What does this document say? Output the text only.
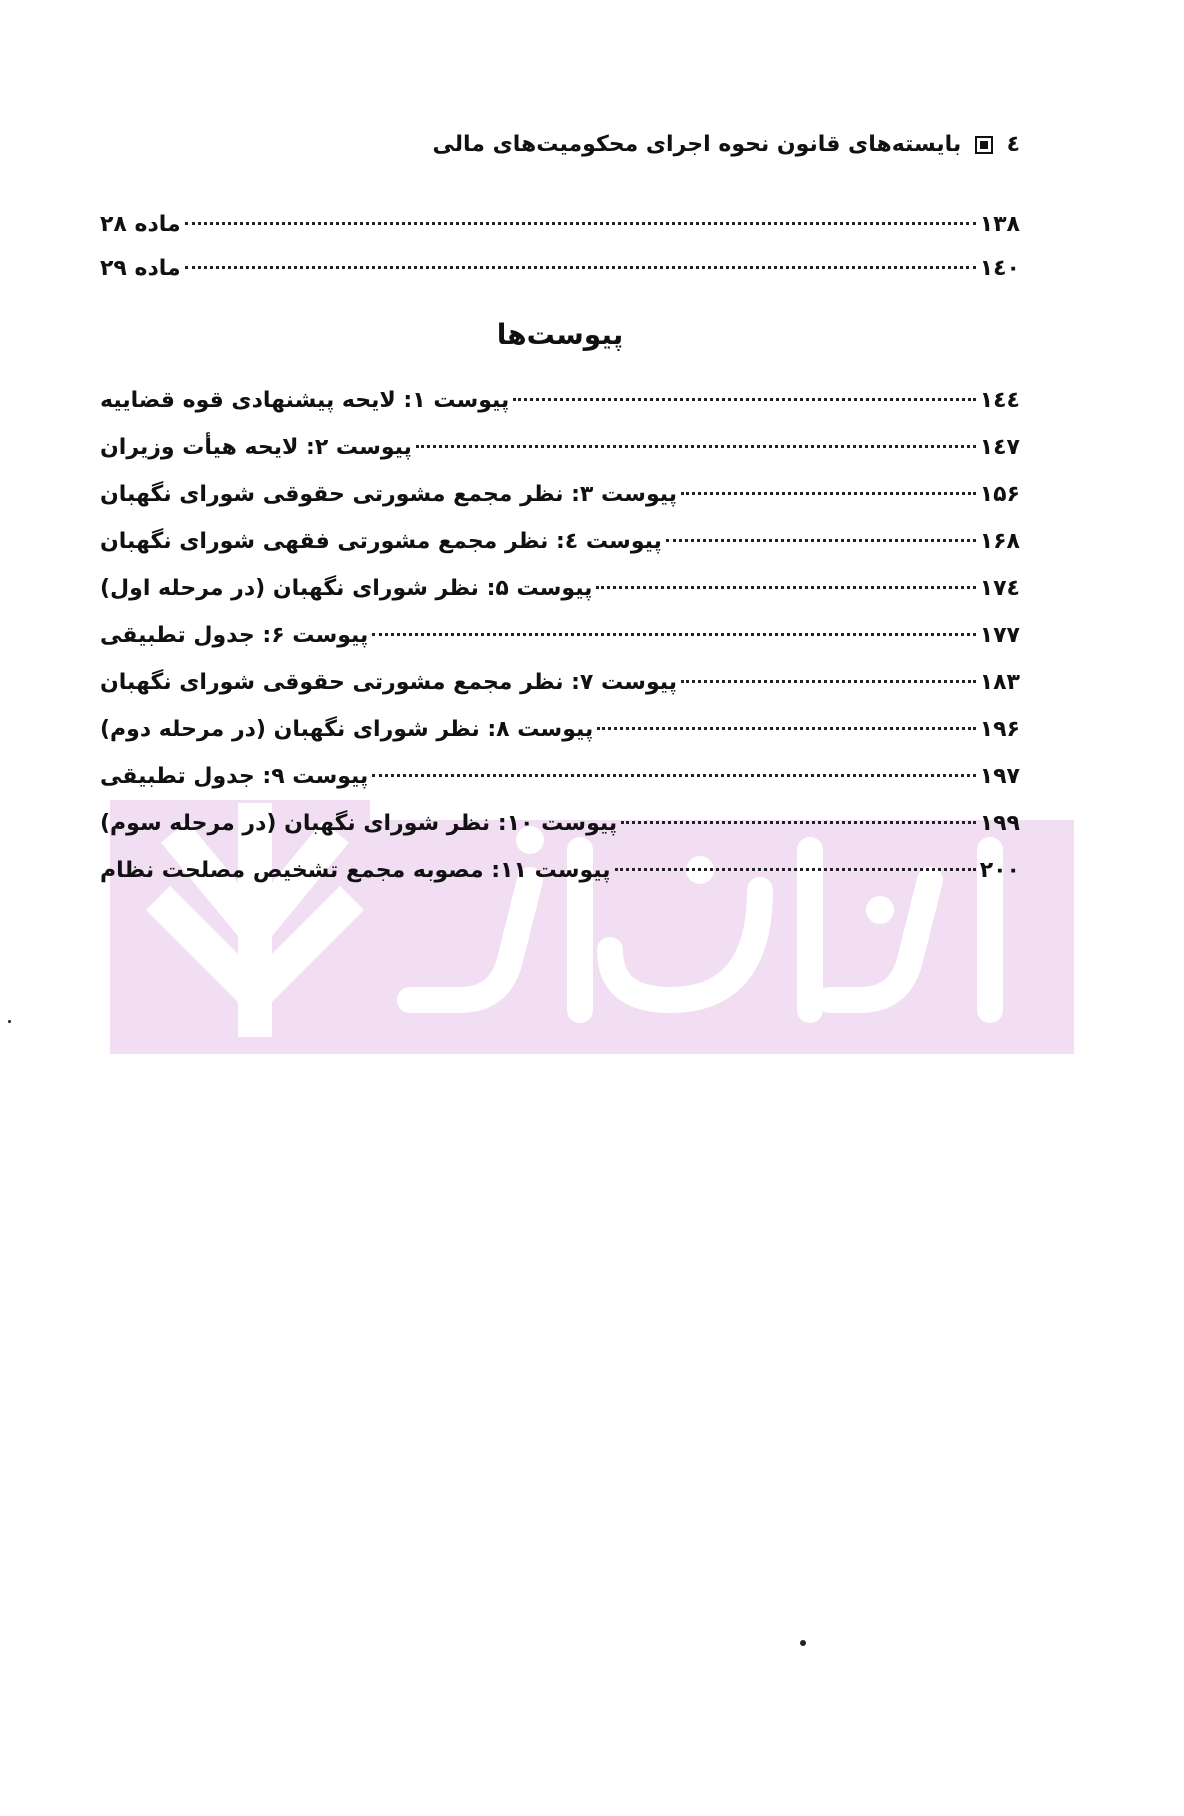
٤  بایسته‌های قانون نحوه اجرای محکومیت‌های مالی
ماده ۲۸	۱۳۸
ماده ۲۹	۱٤۰
پیوست‌ها
پیوست ۱: لایحه پیشنهادی قوه قضاییه	۱٤٤
پیوست ۲: لایحه هیأت وزیران	۱٤۷
پیوست ۳: نظر مجمع مشورتی حقوقی شورای نگهبان	۱۵۶
پیوست ٤: نظر مجمع مشورتی فقهی شورای نگهبان	۱۶۸
پیوست ۵: نظر شورای نگهبان (در مرحله اول)	۱۷٤
پیوست ۶: جدول تطبیقی	۱۷۷
پیوست ۷: نظر مجمع مشورتی حقوقی شورای نگهبان	۱۸۳
پیوست ۸: نظر شورای نگهبان (در مرحله دوم)	۱۹۶
پیوست ۹: جدول تطبیقی	۱۹۷
پیوست ۱۰: نظر شورای نگهبان (در مرحله سوم)	۱۹۹
پیوست ۱۱: مصوبه مجمع تشخیص مصلحت نظام	۲۰۰
